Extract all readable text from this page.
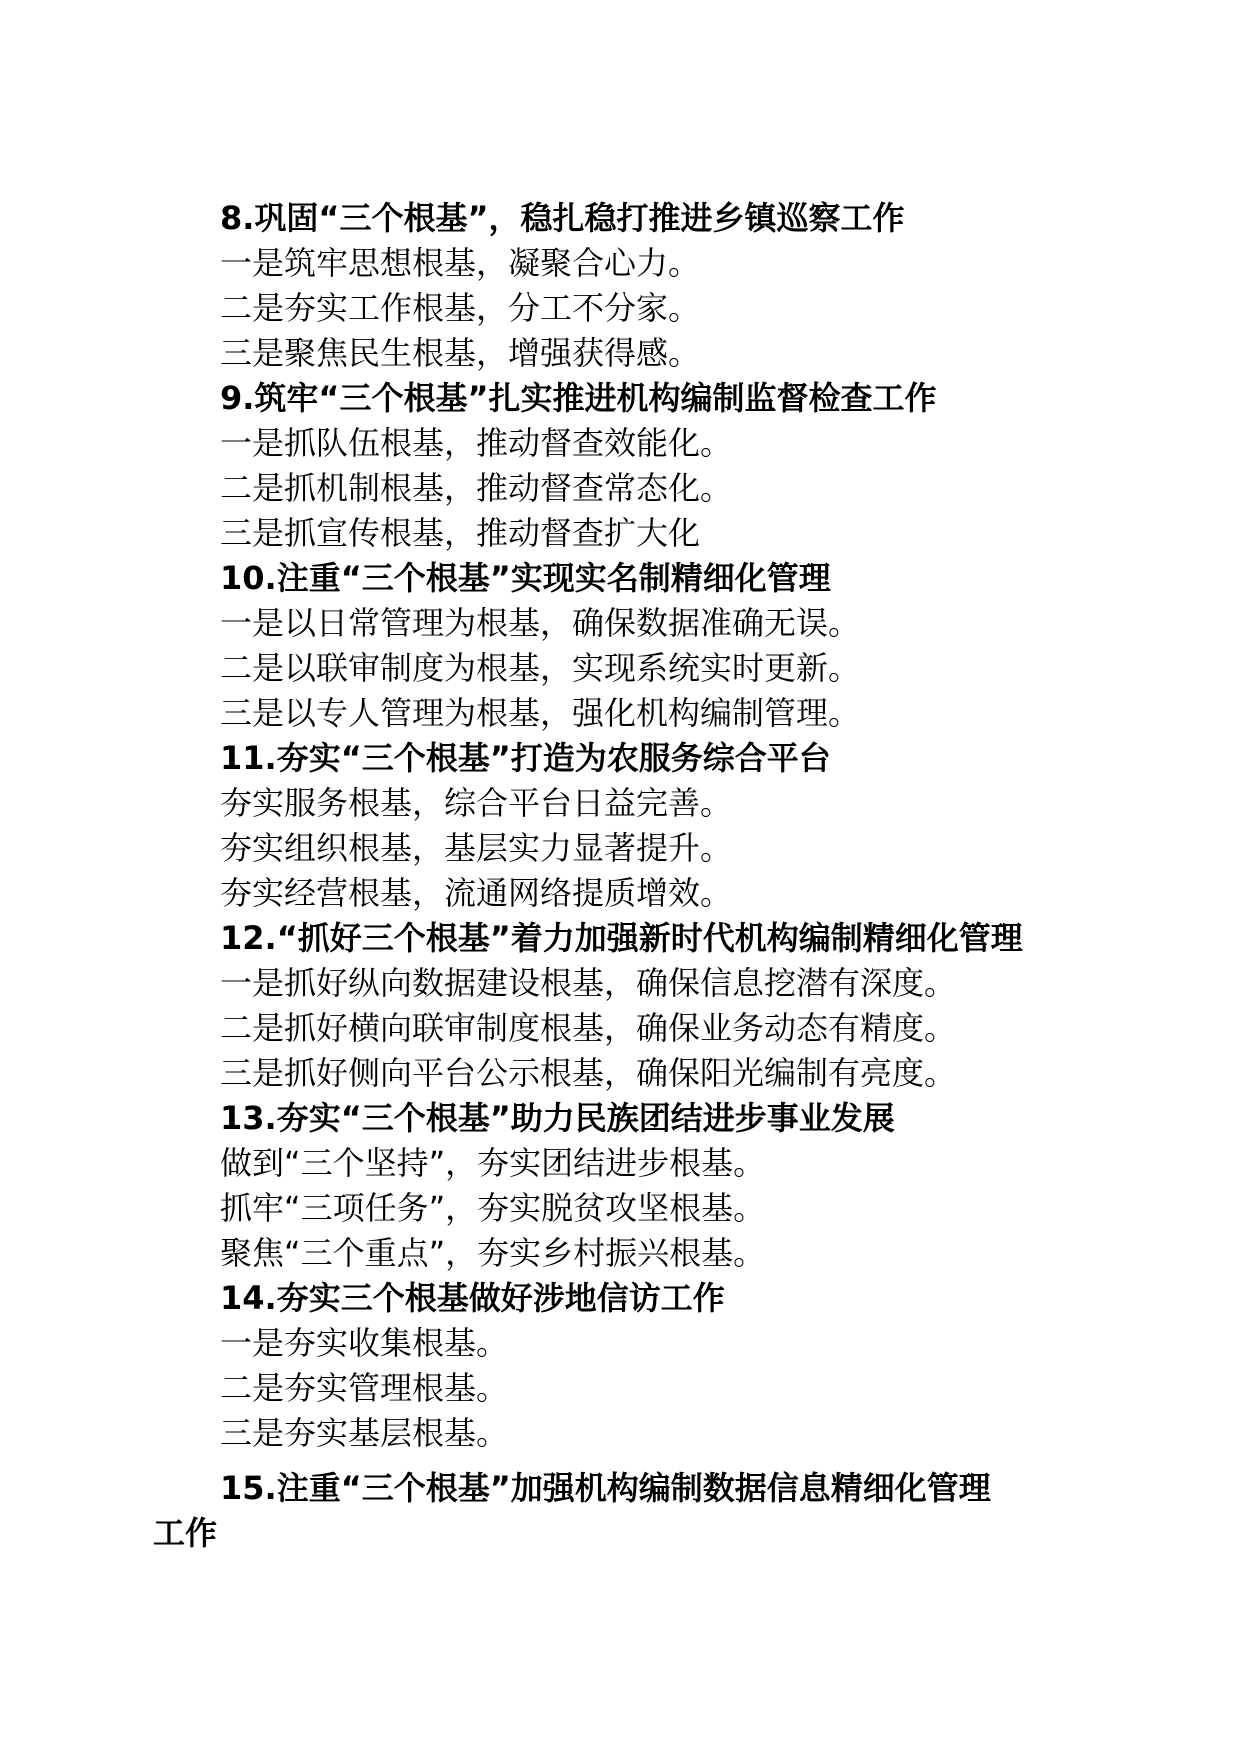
8.巩固“三个根基”，稳扎稳打推进乡镇巡察工作
一是筑牢思想根基，凝聚合心力。
二是夯实工作根基，分工不分家。
三是聚焦民生根基，增强获得感。
9.筑牢“三个根基”扎实推进机构编制监督检查工作
一是抓队伍根基，推动督查效能化。
二是抓机制根基，推动督查常态化。
三是抓宣传根基，推动督查扩大化
10.注重“三个根基”实现实名制精细化管理
一是以日常管理为根基，确保数据准确无误。
二是以联审制度为根基，实现系统实时更新。
三是以专人管理为根基，强化机构编制管理。
11.夯实“三个根基”打造为农服务综合平台
夯实服务根基，综合平台日益完善。
夯实组织根基，基层实力显著提升。
夯实经营根基，流通网络提质增效。
12.“抓好三个根基”着力加强新时代机构编制精细化管理
一是抓好纵向数据建设根基，确保信息挖潜有深度。
二是抓好横向联审制度根基，确保业务动态有精度。
三是抓好侧向平台公示根基，确保阳光编制有亮度。
13.夯实“三个根基”助力民族团结进步事业发展
做到“三个坚持”，夯实团结进步根基。
抓牢“三项任务”，夯实脱贫攻坚根基。
聚焦“三个重点”，夯实乡村振兴根基。
14.夯实三个根基做好涉地信访工作
一是夯实收集根基。
二是夯实管理根基。
三是夯实基层根基。
15.注重“三个根基”加强机构编制数据信息精细化管理
工作
